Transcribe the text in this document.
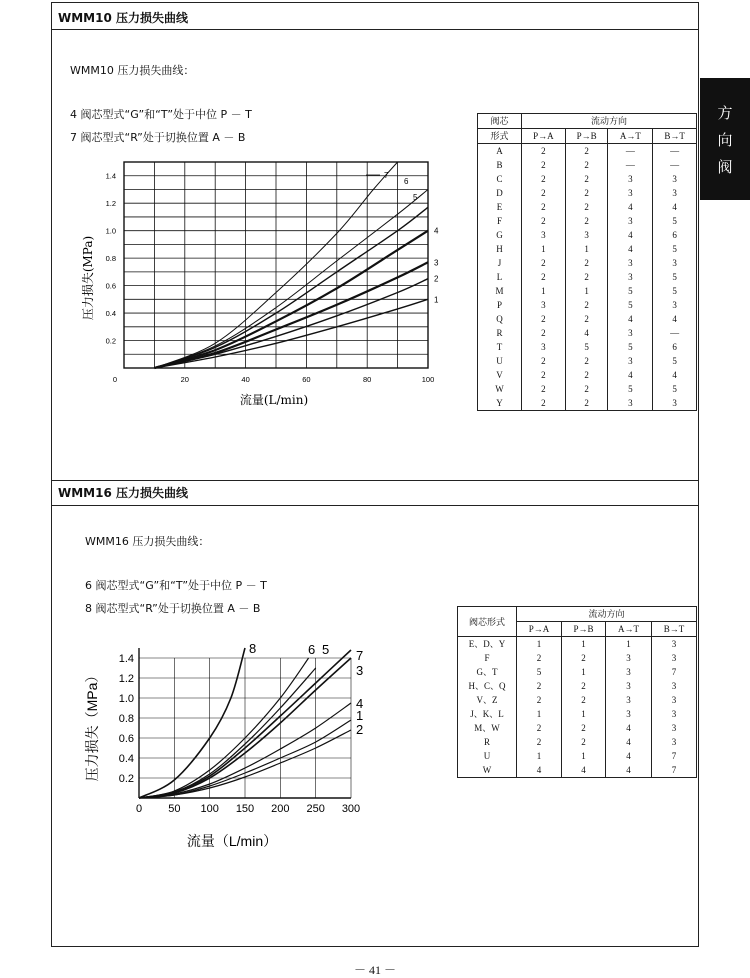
方
向
阀
WMM10 压力损失曲线
WMM10 压力损失曲线：
4 阀芯型式“G”和“T”处于中位 P － T
7 阀芯型式“R”处于切换位置 A － B
0	20	40	60	80	100
0.2
0.4
0.6
0.8
1.0
1.2
1.4
1
2
3
4
5
6
7
压力损失(MPa)
流量(L/min)
阀芯	流动方向			
形式	P→A	P→B	A→T	B→T
A	2	2	—	—
B	2	2	—	—
C	2	2	3	3
D	2	2	3	3
E	2	2	4	4
F	2	2	3	5
G	3	3	4	6
H	1	1	4	5
J	2	2	3	3
L	2	2	3	5
M	1	1	5	5
P	3	2	5	3
Q	2	2	4	4
R	2	4	3	—
T	3	5	5	6
U	2	2	3	5
V	2	2	4	4
W	2	2	5	5
Y	2	2	3	3
WMM16 压力损失曲线
WMM16 压力损失曲线：
6 阀芯型式“G”和“T”处于中位 P － T
8 阀芯型式“R”处于切换位置 A － B
0 50 100 150 200 250 300
0.2
0.4
0.6
0.8
1.0
1.2
1.4
1
2
3
4
5
6	7
8
压力损失（MPa）
流量（L/min）
阀芯形式	流动方向			
	P→A	P→B	A→T	B→T
E、D、Y	1	1	1	3
F	2	2	3	3
G、T	5	1	3	7
H、C、Q	2	2	3	3
V、Z	2	2	3	3
J、K、L	1	1	3	3
M、W	2	2	4	3
R	2	2	4	3
U	1	1	4	7
W	4	4	4	7
－ 41 －
